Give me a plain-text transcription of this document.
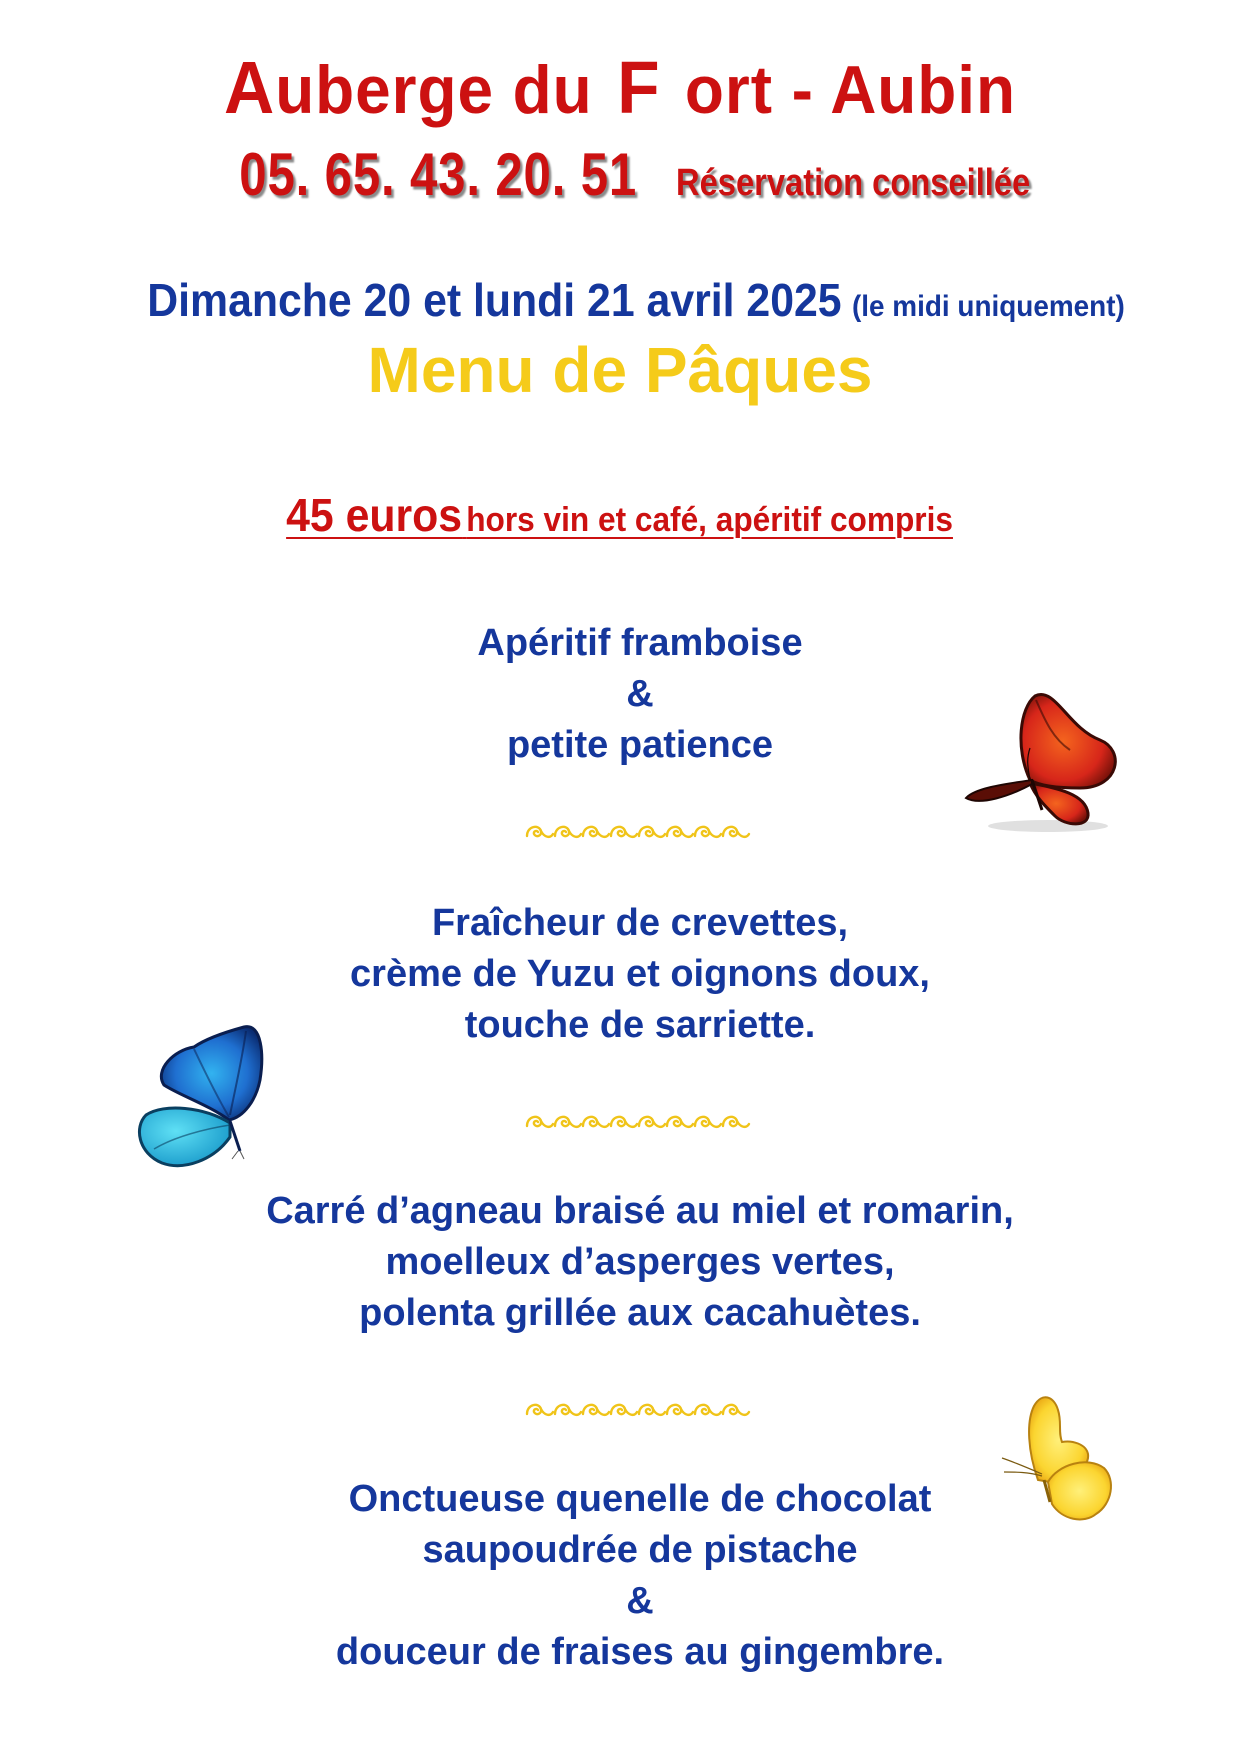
Auberge du F ort - Aubin
05. 65. 43. 20. 51 Réservation conseillée
Dimanche 20 et lundi 21 avril 2025 (le midi uniquement)
Menu de Pâques
45 euros hors vin et café, apéritif compris
Apéritif framboise
&
petite patience
Fraîcheur de crevettes,
crème de Yuzu et oignons doux,
touche de sarriette.
Carré d’agneau braisé au miel et romarin,
moelleux d’asperges vertes,
polenta grillée aux cacahuètes.
Onctueuse quenelle de chocolat
saupoudrée de pistache
&
douceur de fraises au gingembre.
